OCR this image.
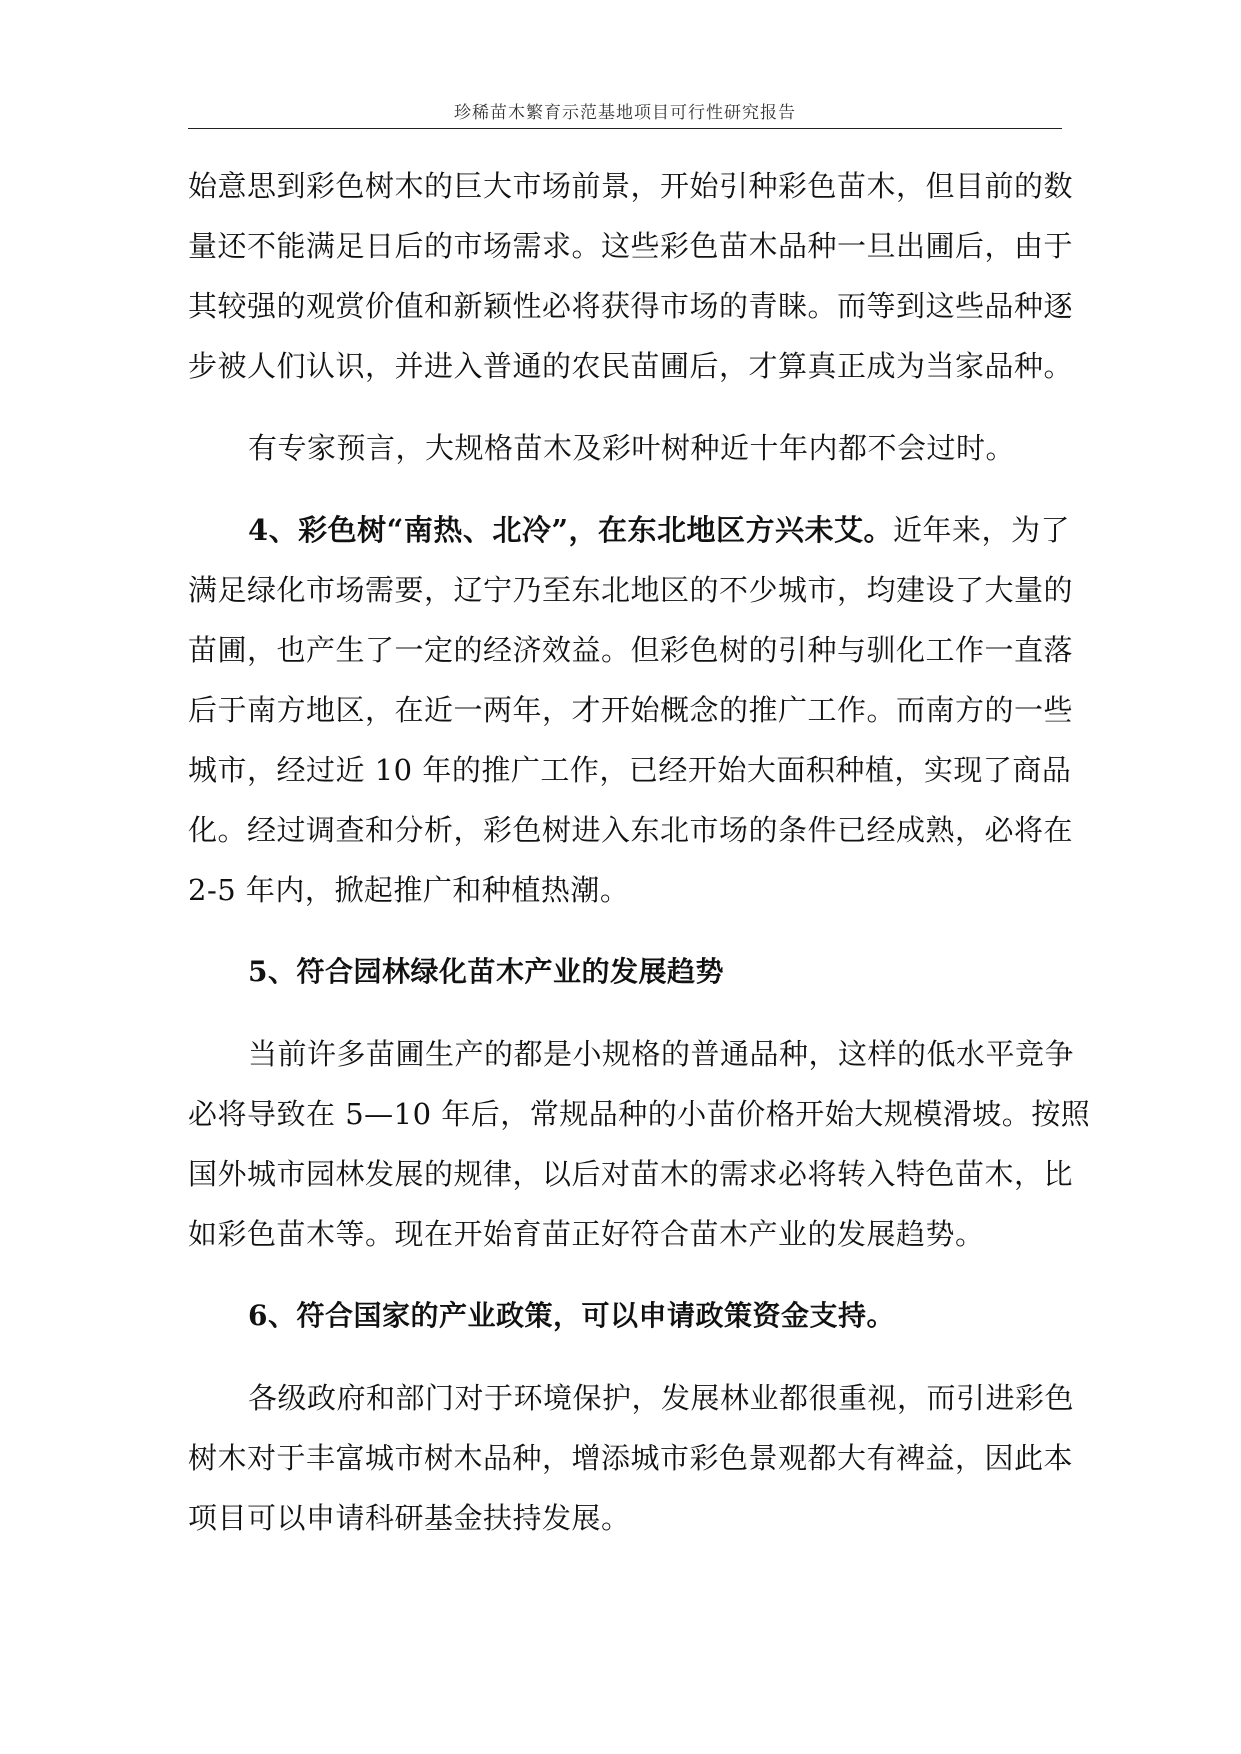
珍稀苗木繁育示范基地项目可行性研究报告
始意思到彩色树木的巨大市场前景，开始引种彩色苗木，但目前的数
量还不能满足日后的市场需求。这些彩色苗木品种一旦出圃后，由于
其较强的观赏价值和新颖性必将获得市场的青睐。而等到这些品种逐
步被人们认识，并进入普通的农民苗圃后，才算真正成为当家品种。
有专家预言，大规格苗木及彩叶树种近十年内都不会过时。
4、彩色树“南热、北冷”，在东北地区方兴未艾。近年来，为了
满足绿化市场需要，辽宁乃至东北地区的不少城市，均建设了大量的
苗圃，也产生了一定的经济效益。但彩色树的引种与驯化工作一直落
后于南方地区，在近一两年，才开始概念的推广工作。而南方的一些
城市，经过近 10 年的推广工作，已经开始大面积种植，实现了商品
化。经过调查和分析，彩色树进入东北市场的条件已经成熟，必将在
2-5 年内，掀起推广和种植热潮。
5、符合园林绿化苗木产业的发展趋势
当前许多苗圃生产的都是小规格的普通品种，这样的低水平竞争
必将导致在 5—10 年后，常规品种的小苗价格开始大规模滑坡。按照
国外城市园林发展的规律，以后对苗木的需求必将转入特色苗木，比
如彩色苗木等。现在开始育苗正好符合苗木产业的发展趋势。
6、符合国家的产业政策，可以申请政策资金支持。
各级政府和部门对于环境保护，发展林业都很重视，而引进彩色
树木对于丰富城市树木品种，增添城市彩色景观都大有裨益，因此本
项目可以申请科研基金扶持发展。
